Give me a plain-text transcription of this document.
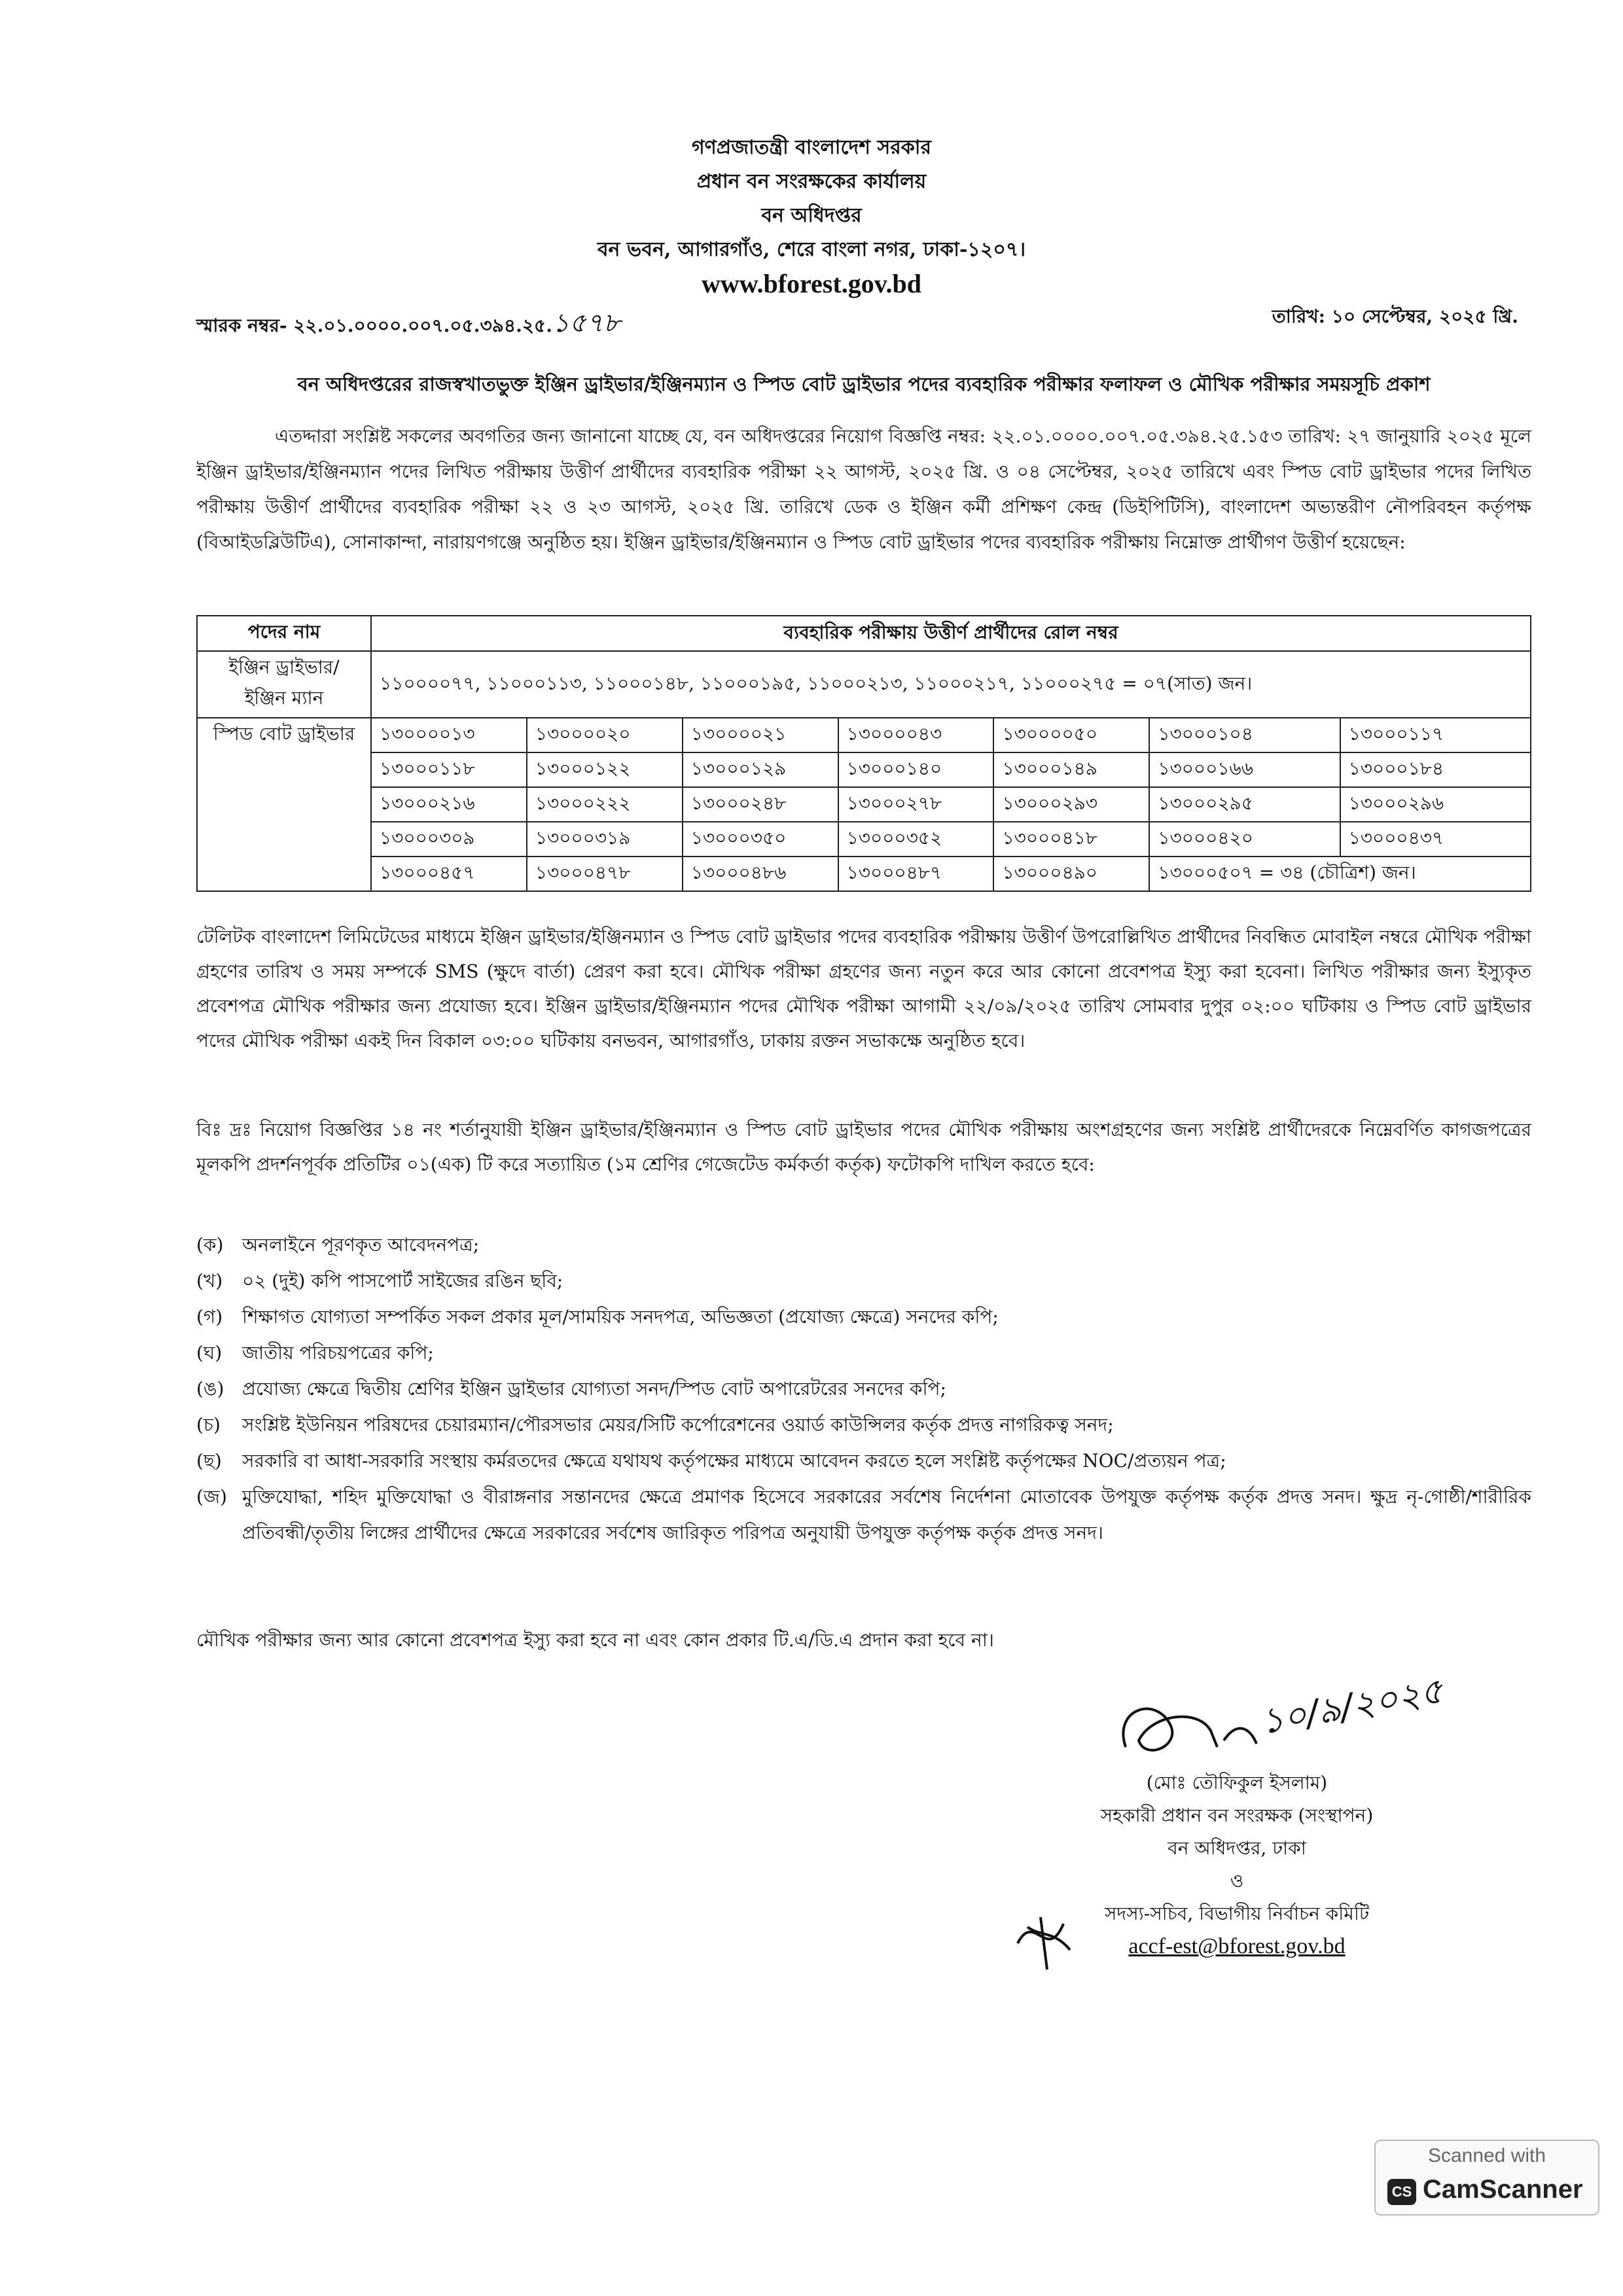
গণপ্রজাতন্ত্রী বাংলাদেশ সরকার
প্রধান বন সংরক্ষকের কার্যালয়
বন অধিদপ্তর
বন ভবন, আগারগাঁও, শেরে বাংলা নগর, ঢাকা-১২০৭।
www.bforest.gov.bd
স্মারক নম্বর- ২২.০১.০০০০.০০৭.০৫.৩৯৪.২৫.১৫৭৮	তারিখ: ১০ সেপ্টেম্বর, ২০২৫ খ্রি.
বন অধিদপ্তরের রাজস্বখাতভুক্ত ইঞ্জিন ড্রাইভার/ইঞ্জিনম্যান ও স্পিড বোট ড্রাইভার পদের ব্যবহারিক পরীক্ষার ফলাফল ও মৌখিক পরীক্ষার সময়সূচি প্রকাশ
এতদ্দারা সংশ্লিষ্ট সকলের অবগতির জন্য জানানো যাচ্ছে যে, বন অধিদপ্তরের নিয়োগ বিজ্ঞপ্তি নম্বর: ২২.০১.০০০০.০০৭.০৫.৩৯৪.২৫.১৫৩ তারিখ: ২৭ জানুয়ারি ২০২৫ মূলে ইঞ্জিন ড্রাইভার/ইঞ্জিনম্যান পদের লিখিত পরীক্ষায় উত্তীর্ণ প্রার্থীদের ব্যবহারিক পরীক্ষা ২২ আগস্ট, ২০২৫ খ্রি. ও ০৪ সেপ্টেম্বর, ২০২৫ তারিখে এবং স্পিড বোট ড্রাইভার পদের লিখিত পরীক্ষায় উত্তীর্ণ প্রার্থীদের ব্যবহারিক পরীক্ষা ২২ ও ২৩ আগস্ট, ২০২৫ খ্রি. তারিখে ডেক ও ইঞ্জিন কর্মী প্রশিক্ষণ কেন্দ্র (ডিইপিটিসি), বাংলাদেশ অভ্যন্তরীণ নৌপরিবহন কর্তৃপক্ষ (বিআইডব্লিউটিএ), সোনাকান্দা, নারায়ণগঞ্জে অনুষ্ঠিত হয়। ইঞ্জিন ড্রাইভার/ইঞ্জিনম্যান ও স্পিড বোট ড্রাইভার পদের ব্যবহারিক পরীক্ষায় নিম্নোক্ত প্রার্থীগণ উত্তীর্ণ হয়েছেন:
পদের নাম	ব্যবহারিক পরীক্ষায় উত্তীর্ণ প্রার্থীদের রোল নম্বর						
ইঞ্জিন ড্রাইভার/ ইঞ্জিন ম্যান	১১০০০০৭৭, ১১০০০১১৩, ১১০০০১৪৮, ১১০০০১৯৫, ১১০০০২১৩, ১১০০০২১৭, ১১০০০২৭৫ = ০৭(সাত) জন।						
স্পিড বোট ড্রাইভার	১৩০০০০১৩	১৩০০০০২০	১৩০০০০২১	১৩০০০০৪৩	১৩০০০০৫০	১৩০০০১০৪	১৩০০০১১৭
	১৩০০০১১৮	১৩০০০১২২	১৩০০০১২৯	১৩০০০১৪০	১৩০০০১৪৯	১৩০০০১৬৬	১৩০০০১৮৪
	১৩০০০২১৬	১৩০০০২২২	১৩০০০২৪৮	১৩০০০২৭৮	১৩০০০২৯৩	১৩০০০২৯৫	১৩০০০২৯৬
	১৩০০০৩০৯	১৩০০০৩১৯	১৩০০০৩৫০	১৩০০০৩৫২	১৩০০০৪১৮	১৩০০০৪২০	১৩০০০৪৩৭
	১৩০০০৪৫৭	১৩০০০৪৭৮	১৩০০০৪৮৬	১৩০০০৪৮৭	১৩০০০৪৯০	১৩০০০৫০৭ = ৩৪ (চৌত্রিশ) জন।	
টেলিটক বাংলাদেশ লিমিটেডের মাধ্যমে ইঞ্জিন ড্রাইভার/ইঞ্জিনম্যান ও স্পিড বোট ড্রাইভার পদের ব্যবহারিক পরীক্ষায় উত্তীর্ণ উপরোল্লিখিত প্রার্থীদের নিবন্ধিত মোবাইল নম্বরে মৌখিক পরীক্ষা গ্রহণের তারিখ ও সময় সম্পর্কে SMS (ক্ষুদে বার্তা) প্রেরণ করা হবে। মৌখিক পরীক্ষা গ্রহণের জন্য নতুন করে আর কোনো প্রবেশপত্র ইস্যু করা হবেনা। লিখিত পরীক্ষার জন্য ইস্যুকৃত প্রবেশপত্র মৌখিক পরীক্ষার জন্য প্রযোজ্য হবে। ইঞ্জিন ড্রাইভার/ইঞ্জিনম্যান পদের মৌখিক পরীক্ষা আগামী ২২/০৯/২০২৫ তারিখ সোমবার দুপুর ০২:০০ ঘটিকায় ও স্পিড বোট ড্রাইভার পদের মৌখিক পরীক্ষা একই দিন বিকাল ০৩:০০ ঘটিকায় বনভবন, আগারগাঁও, ঢাকায় রক্তন সভাকক্ষে অনুষ্ঠিত হবে।
বিঃ দ্রঃ নিয়োগ বিজ্ঞপ্তির ১৪ নং শর্তানুযায়ী ইঞ্জিন ড্রাইভার/ইঞ্জিনম্যান ও স্পিড বোট ড্রাইভার পদের মৌখিক পরীক্ষায় অংশগ্রহণের জন্য সংশ্লিষ্ট প্রার্থীদেরকে নিম্নেবর্ণিত কাগজপত্রের মূলকপি প্রদর্শনপূর্বক প্রতিটির ০১(এক) টি করে সত্যায়িত (১ম শ্রেণির গেজেটেড কর্মকর্তা কর্তৃক) ফটোকপি দাখিল করতে হবে:
(ক)	অনলাইনে পূরণকৃত আবেদনপত্র;
(খ)	০২ (দুই) কপি পাসপোর্ট সাইজের রঙিন ছবি;
(গ)	শিক্ষাগত যোগ্যতা সম্পর্কিত সকল প্রকার মূল/সাময়িক সনদপত্র, অভিজ্ঞতা (প্রযোজ্য ক্ষেত্রে) সনদের কপি;
(ঘ)	জাতীয় পরিচয়পত্রের কপি;
(ঙ) প্রযোজ্য ক্ষেত্রে দ্বিতীয় শ্রেণির ইঞ্জিন ড্রাইভার যোগ্যতা সনদ/স্পিড বোট অপারেটরের সনদের কপি;
(চ)	সংশ্লিষ্ট ইউনিয়ন পরিষদের চেয়ারম্যান/পৌরসভার মেয়র/সিটি কর্পোরেশনের ওয়ার্ড কাউন্সিলর কর্তৃক প্রদত্ত নাগরিকত্ব সনদ;
(ছ)	সরকারি বা আধা-সরকারি সংস্থায় কর্মরতদের ক্ষেত্রে যথাযথ কর্তৃপক্ষের মাধ্যমে আবেদন করতে হলে সংশ্লিষ্ট কর্তৃপক্ষের NOC/প্রত্যয়ন পত্র;
(জ) মুক্তিযোদ্ধা, শহিদ মুক্তিযোদ্ধা ও বীরাঙ্গনার সন্তানদের ক্ষেত্রে প্রমাণক হিসেবে সরকারের সর্বশেষ নির্দেশনা মোতাবেক উপযুক্ত কর্তৃপক্ষ কর্তৃক প্রদত্ত সনদ। ক্ষুদ্র নৃ-গোষ্ঠী/শারীরিক প্রতিবন্ধী/তৃতীয় লিঙ্গের প্রার্থীদের ক্ষেত্রে সরকারের সর্বশেষ জারিকৃত পরিপত্র অনুযায়ী উপযুক্ত কর্তৃপক্ষ কর্তৃক প্রদত্ত সনদ।
মৌখিক পরীক্ষার জন্য আর কোনো প্রবেশপত্র ইস্যু করা হবে না এবং কোন প্রকার টি.এ/ডি.এ প্রদান করা হবে না।
১০/৯/২০২৫
(মোঃ তৌফিকুল ইসলাম)
সহকারী প্রধান বন সংরক্ষক (সংস্থাপন)
বন অধিদপ্তর, ঢাকা
ও
সদস্য-সচিব, বিভাগীয় নির্বাচন কমিটি
accf-est@bforest.gov.bd
Scanned with
CS CamScanner
